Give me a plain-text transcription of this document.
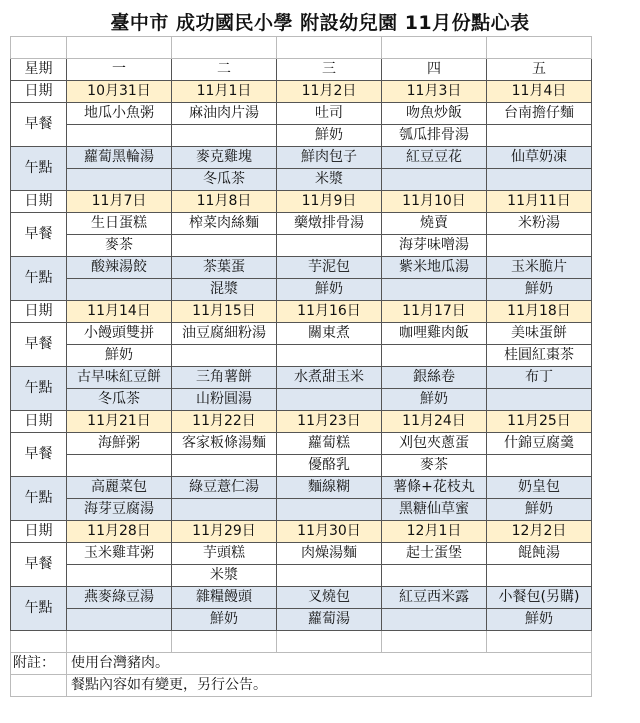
臺中市 成功國民小學 附設幼兒園 11月份點心表

星期	一	二	三	四	五
日期	10月31日	11月1日	11月2日	11月3日	11月4日
早餐	地瓜小魚粥	麻油肉片湯	吐司	吻魚炒飯	台南擔仔麵
			鮮奶	瓠瓜排骨湯	
午點	蘿蔔黑輪湯	麥克雞塊	鮮肉包子	紅豆豆花	仙草奶凍
		冬瓜茶	米漿		
日期	11月7日	11月8日	11月9日	11月10日	11月11日
早餐	生日蛋糕	榨菜肉絲麵	藥燉排骨湯	燒賣	米粉湯
	麥茶			海芽味噌湯	
午點	酸辣湯餃	茶葉蛋	芋泥包	紫米地瓜湯	玉米脆片
		混漿	鮮奶		鮮奶
日期	11月14日	11月15日	11月16日	11月17日	11月18日
早餐	小饅頭雙拼	油豆腐細粉湯	關東煮	咖哩雞肉飯	美味蛋餅
	鮮奶				桂圓紅棗茶
午點	古早味紅豆餅	三角薯餅	水煮甜玉米	銀絲卷	布丁
	冬瓜茶	山粉圓湯		鮮奶	
日期	11月21日	11月22日	11月23日	11月24日	11月25日
早餐	海鮮粥	客家粄條湯麵	蘿蔔糕	刈包夾蔥蛋	什錦豆腐羹
			優酪乳	麥茶	
午點	高麗菜包	綠豆薏仁湯	麵線糊	薯條+花枝丸	奶皇包
	海芽豆腐湯			黑糖仙草蜜	鮮奶
日期	11月28日	11月29日	11月30日	12月1日	12月2日
早餐	玉米雞茸粥	芋頭糕	肉燥湯麵	起士蛋堡	餛飩湯
		米漿			
午點	燕麥綠豆湯	雜糧饅頭	叉燒包	紅豆西米露	小餐包(另購)
		鮮奶	蘿蔔湯		鮮奶

附註：	使用台灣豬肉。				
	餐點內容如有變更，另行公告。				
